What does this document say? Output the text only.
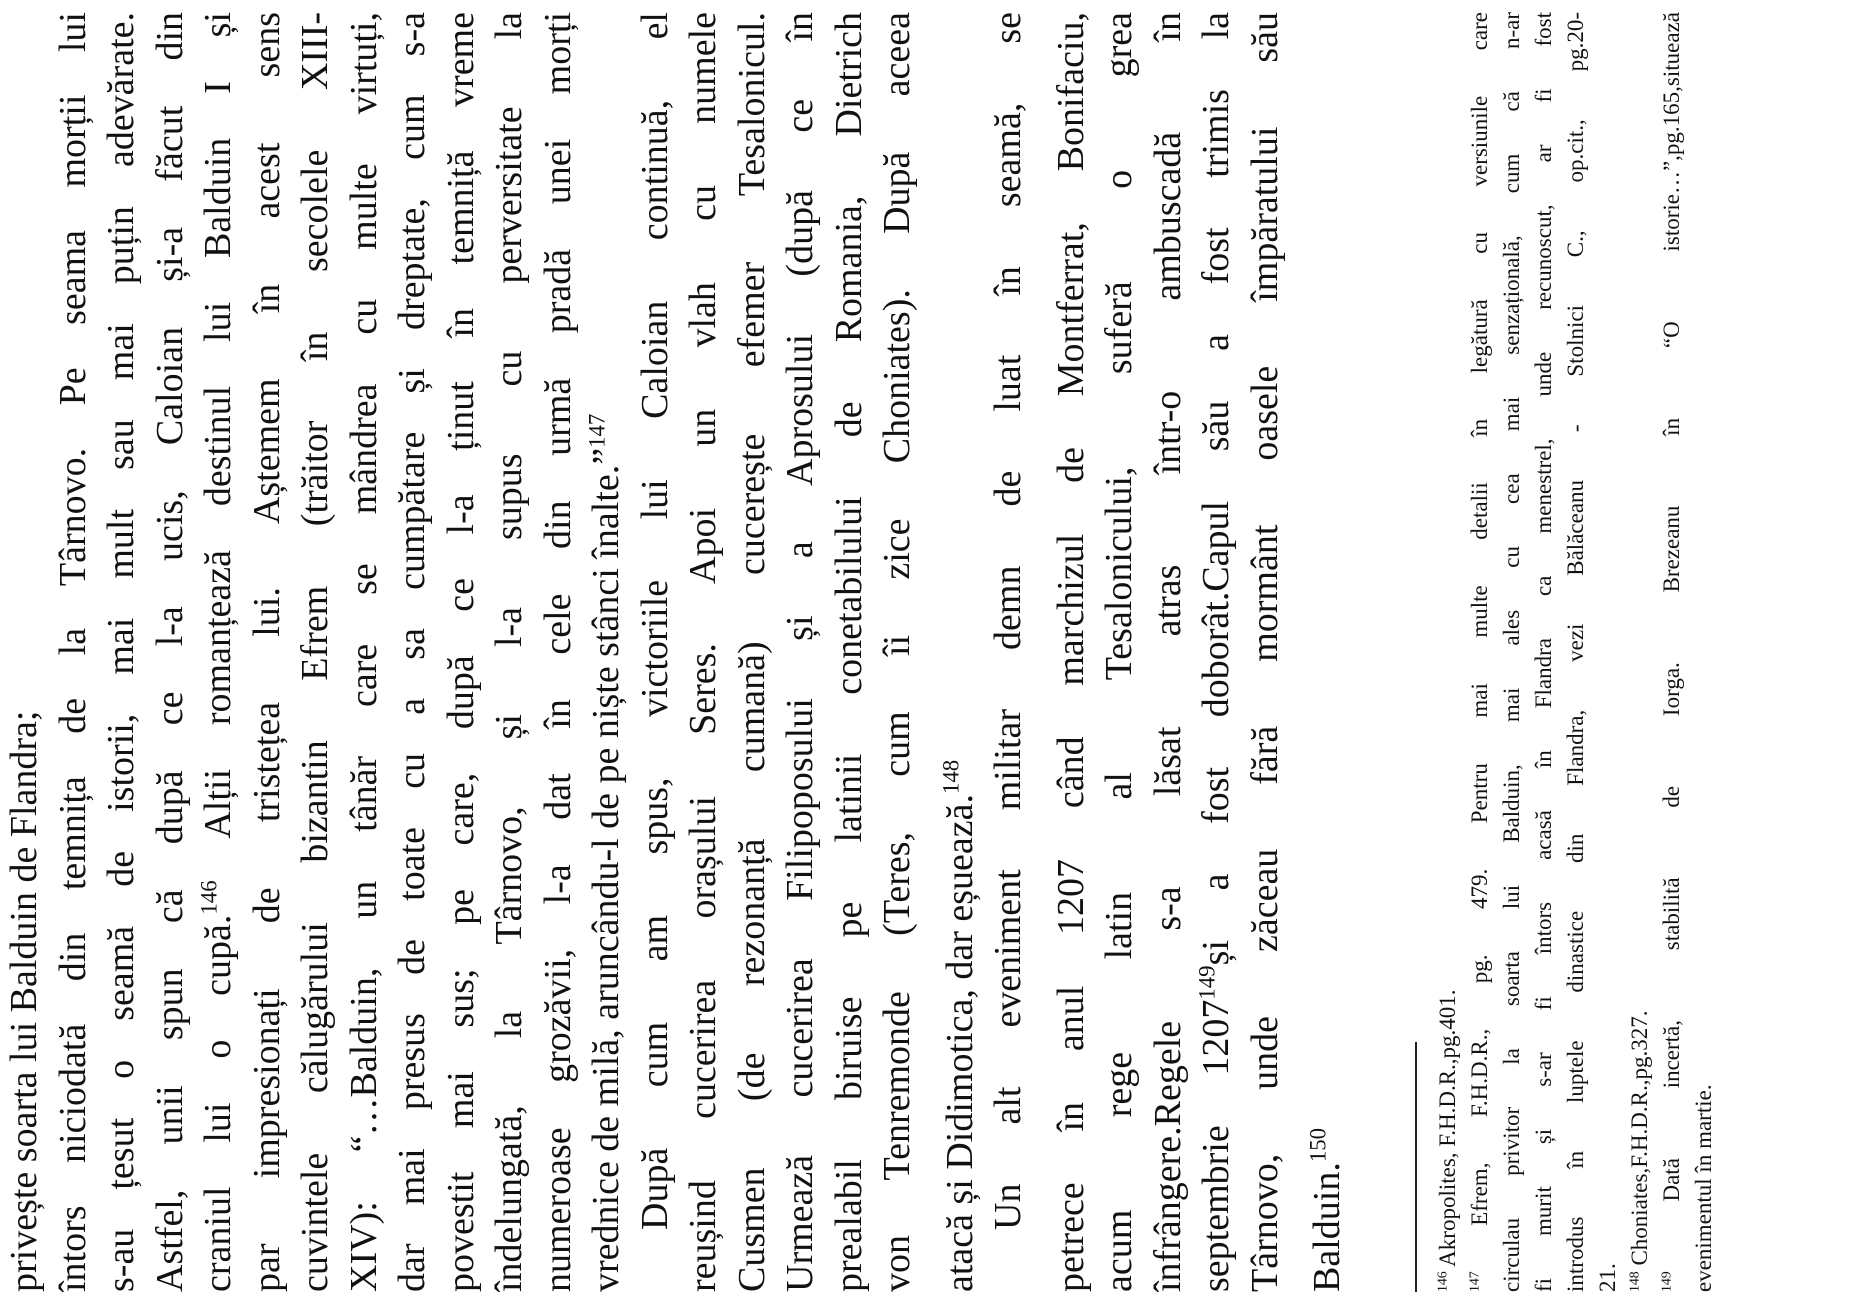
privește soarta lui Balduin de Flandra; întors niciodată din temnița de la Târnovo. Pe seama morții lui s-au țesut o seamă de istorii, mai mult sau mai puțin adevărate. Astfel, unii spun că după ce l-a ucis, Caloian și-a făcut din craniul lui o cupă.$^{146}$ Alții romanțează destinul lui Balduin I și par impresionați de tristețea lui. Aștemem în acest sens cuvintele călugărului bizantin Efrem (trăitor în secolele XIII- XIV): “…Balduin, un tânăr care se mândrea cu multe virtuți, dar mai presus de toate cu a sa cumpătare și dreptate, cum s-a povestit mai sus; pe care, după ce l-a ținut în temniță vreme îndelungată, la Târnovo, și l-a supus cu perversitate la numeroase grozăvii, l-a dat în cele din urmă pradă unei morți vrednice de milă, aruncându-l de pe niște stânci înalte.”$^{147}$ După cum am spus, victoriile lui Caloian continuă, el reușind cucerirea orașului Seres. Apoi un vlah cu numele Cusmen (de rezonanță cumană) cucerește efemer Tesalonicul. Urmează cucerirea Filipoposului și a Aprosului (după ce în prealabil biruise pe latinii conetabilului de Romania, Dietrich von Tenremonde (Teres, cum îi zice Choniates). După aceea atacă și Didimotica, dar eșuează.$^{148}$ Un alt eveniment militar demn de luat în seamă, se petrece în anul 1207 când marchizul de Montferrat, Bonifaciu, acum rege latin al Tesalonicului, suferă o grea înfrângere.Regele s-a lăsat atras într-o ambuscadă în septembrie 1207$^{149}$și a fost doborât.Capul său a fost trimis la Târnovo, unde zăceau fără mormânt oasele împăratului său Balduin.$^{150}$
$^{146}$ Akropolites, F.H.D.R.,pg.401.
$^{147}$ Efrem, F.H.D.R., pg. 479. Pentru mai multe detalii în legătură cu versiunile care circulau privitor la soarta lui Balduin, mai ales cu cea mai senzațională, cum că n-ar fi murit și s-ar fi întors acasă în Flandra ca menestrel, unde recunoscut, ar fi fost introdus în luptele dinastice din Flandra, vezi Bălăceanu - Stolnici C., op.cit., pg.20- 21. $^{148}$ Choniates,F.H.D.R.,pg.327.
$^{149}$ Dată incertă, stabilită de Iorga. Brezeanu în “O istorie…”,pg.165,situează evenimentul în martie.
